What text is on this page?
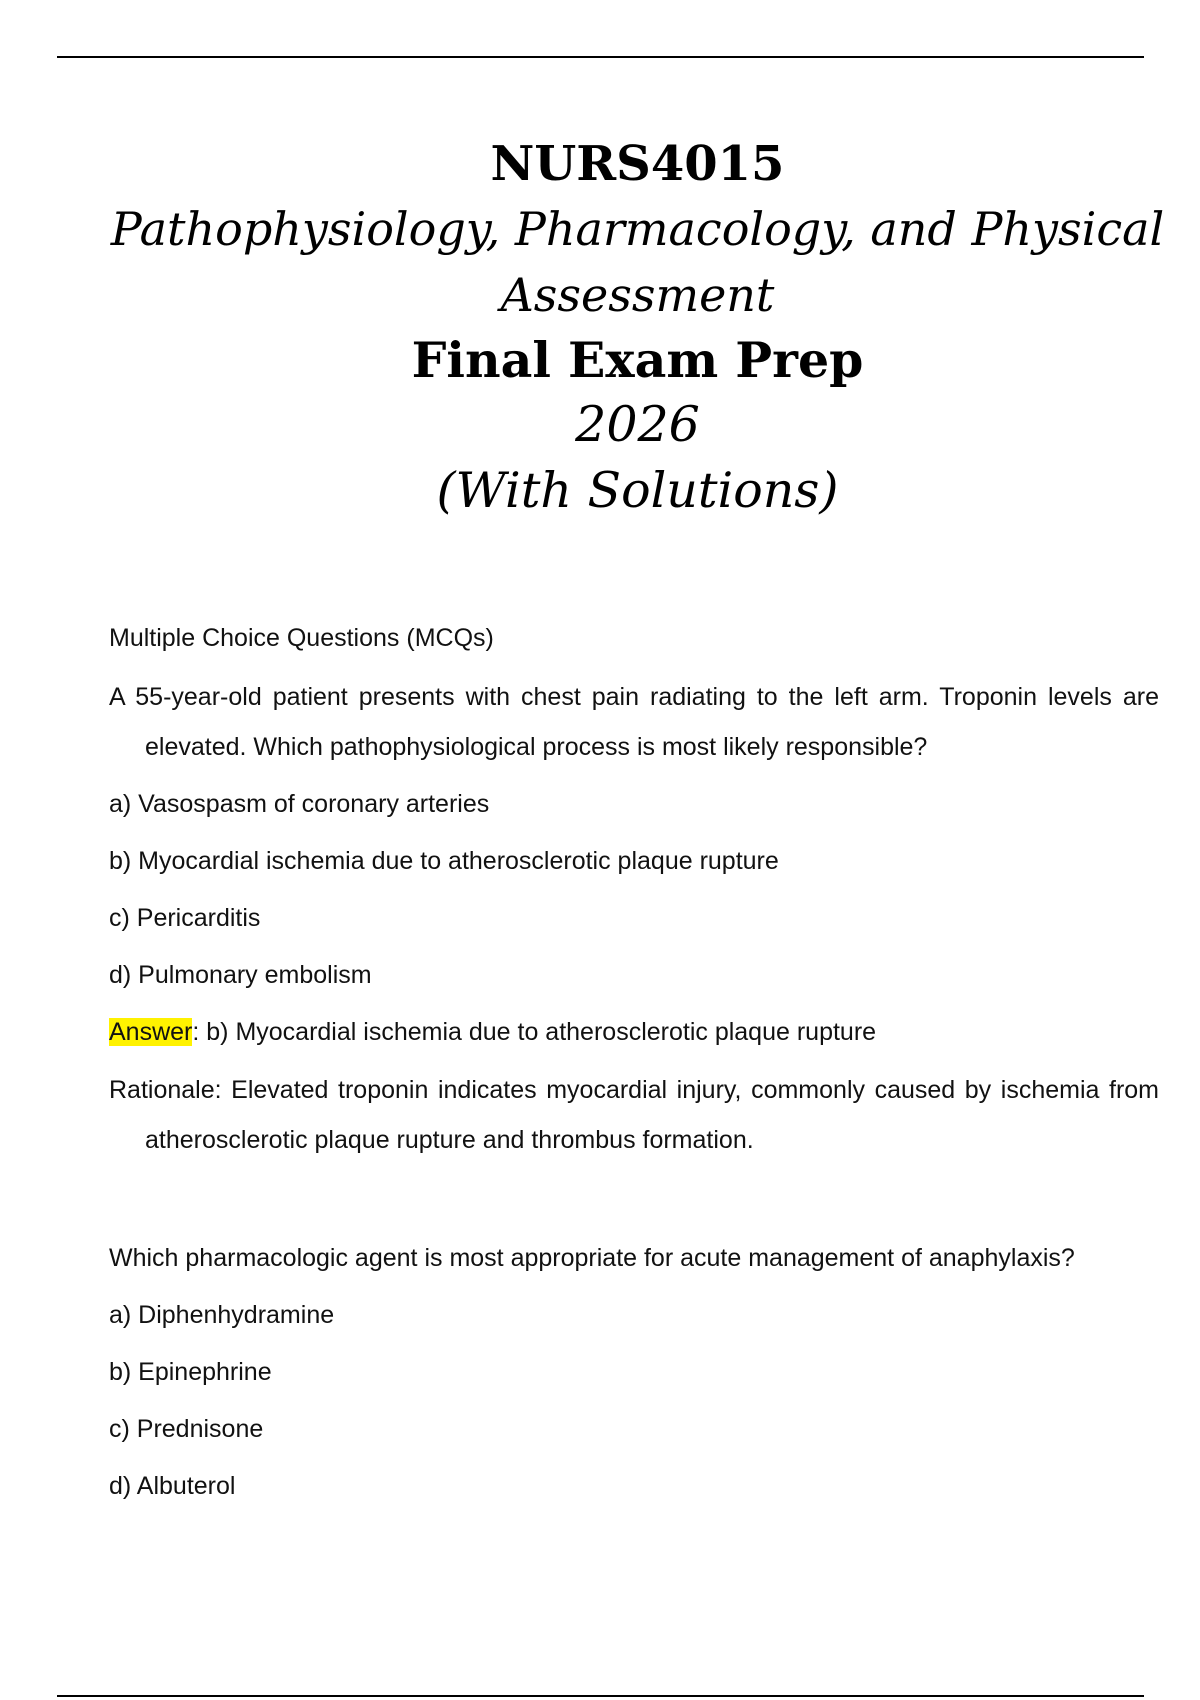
NURS4015
Pathophysiology, Pharmacology, and Physical
Assessment
Final Exam Prep
2026
(With Solutions)
Multiple Choice Questions (MCQs)
A 55-year-old patient presents with chest pain radiating to the left arm. Troponin levels are elevated. Which pathophysiological process is most likely responsible?
a) Vasospasm of coronary arteries
b) Myocardial ischemia due to atherosclerotic plaque rupture
c) Pericarditis
d) Pulmonary embolism
Answer: b) Myocardial ischemia due to atherosclerotic plaque rupture
Rationale: Elevated troponin indicates myocardial injury, commonly caused by ischemia from atherosclerotic plaque rupture and thrombus formation.
Which pharmacologic agent is most appropriate for acute management of anaphylaxis?
a) Diphenhydramine
b) Epinephrine
c) Prednisone
d) Albuterol
